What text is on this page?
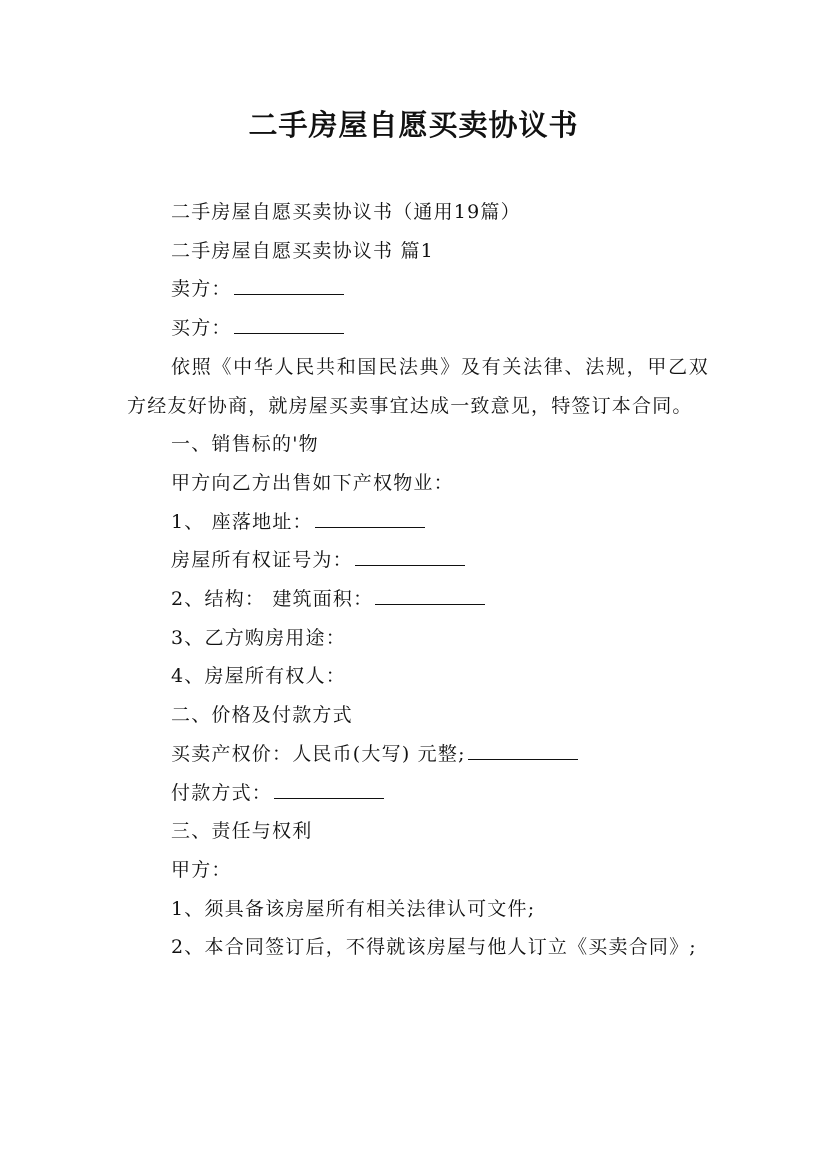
二手房屋自愿买卖协议书

二手房屋自愿买卖协议书（通用19篇）

二手房屋自愿买卖协议书 篇1

卖方：

买方：

依照《中华人民共和国民法典》及有关法律、法规，甲乙双方经友好协商，就房屋买卖事宜达成一致意见，特签订本合同。

一、销售标的'物

甲方向乙方出售如下产权物业：

1、 座落地址：

房屋所有权证号为：

2、结构： 建筑面积：

3、乙方购房用途：

4、房屋所有权人：

二、价格及付款方式

买卖产权价：人民币(大写) 元整;

付款方式：

三、责任与权利

甲方：

1、须具备该房屋所有相关法律认可文件;

2、本合同签订后，不得就该房屋与他人订立《买卖合同》;
